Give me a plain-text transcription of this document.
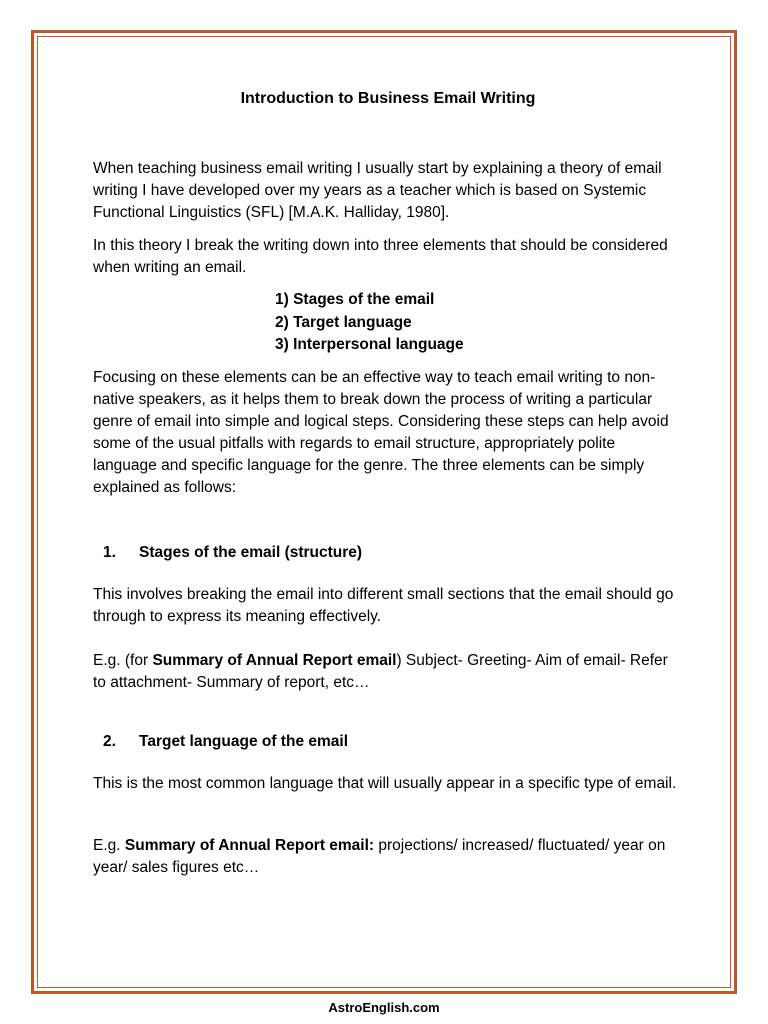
Introduction to Business Email Writing

When teaching business email writing I usually start by explaining a theory of email writing I have developed over my years as a teacher which is based on Systemic Functional Linguistics (SFL) [M.A.K. Halliday, 1980].

In this theory I break the writing down into three elements that should be considered when writing an email.

1) Stages of the email
2) Target language
3) Interpersonal language

Focusing on these elements can be an effective way to teach email writing to non-native speakers, as it helps them to break down the process of writing a particular genre of email into simple and logical steps. Considering these steps can help avoid some of the usual pitfalls with regards to email structure, appropriately polite language and specific language for the genre. The three elements can be simply explained as follows:

1. Stages of the email (structure)

This involves breaking the email into different small sections that the email should go through to express its meaning effectively.

E.g. (for Summary of Annual Report email) Subject- Greeting- Aim of email- Refer to attachment- Summary of report, etc…

2. Target language of the email

This is the most common language that will usually appear in a specific type of email.

E.g. Summary of Annual Report email: projections/ increased/ fluctuated/ year on year/ sales figures etc…

AstroEnglish.com
